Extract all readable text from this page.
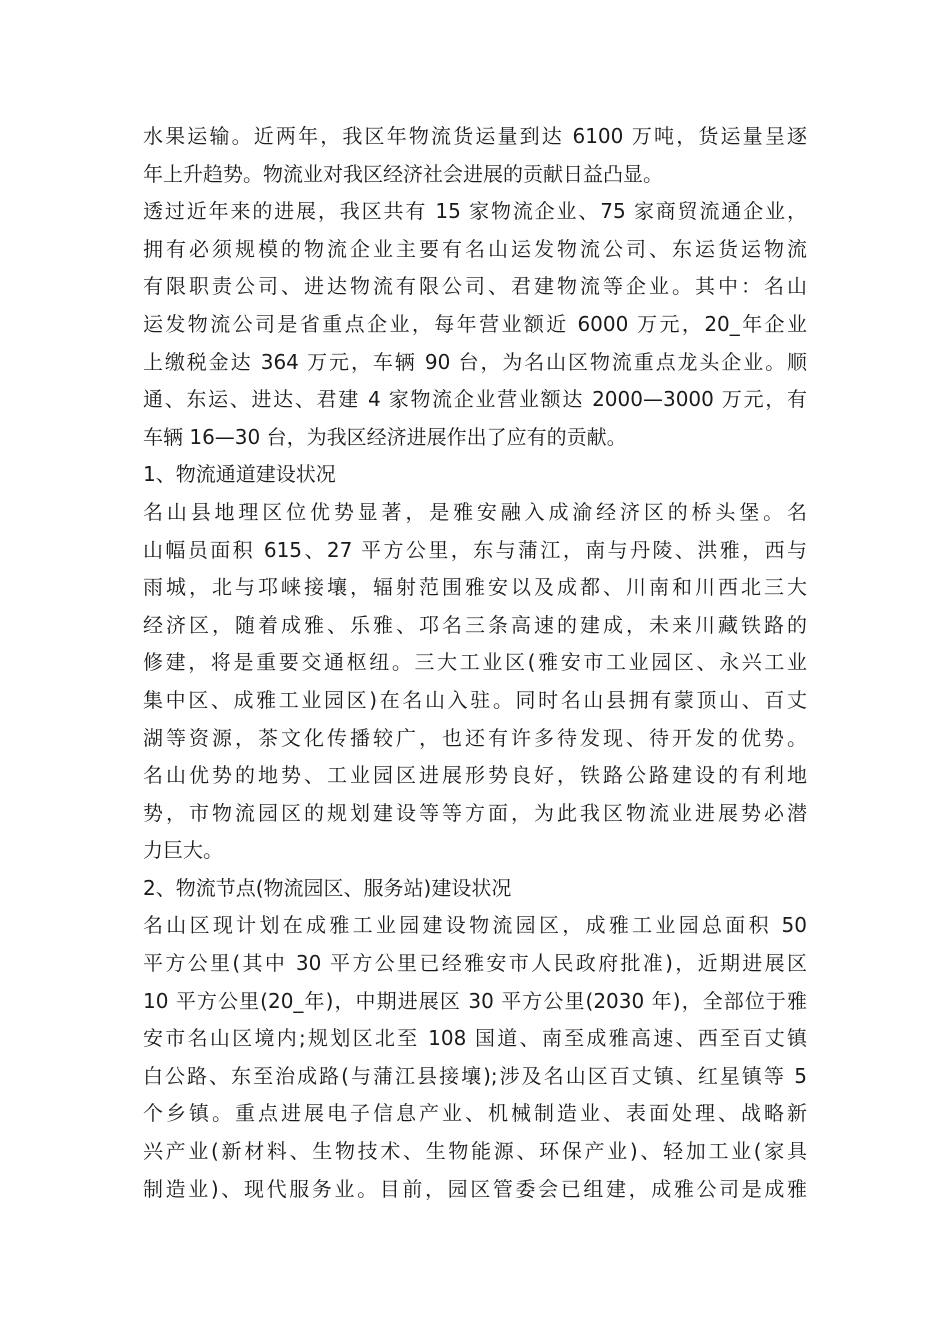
水果运输。近两年，我区年物流货运量到达 6100 万吨，货运量呈逐
年上升趋势。物流业对我区经济社会进展的贡献日益凸显。
透过近年来的进展，我区共有 15 家物流企业、75 家商贸流通企业，
拥有必须规模的物流企业主要有名山运发物流公司、东运货运物流
有限职责公司、进达物流有限公司、君建物流等企业。其中：名山
运发物流公司是省重点企业，每年营业额近 6000 万元，20_年企业
上缴税金达 364 万元，车辆 90 台，为名山区物流重点龙头企业。顺
通、东运、进达、君建 4 家物流企业营业额达 2000—3000 万元，有
车辆 16—30 台，为我区经济进展作出了应有的贡献。
1、物流通道建设状况
名山县地理区位优势显著，是雅安融入成渝经济区的桥头堡。名
山幅员面积 615、27 平方公里，东与蒲江，南与丹陵、洪雅，西与
雨城，北与邛崃接壤，辐射范围雅安以及成都、川南和川西北三大
经济区，随着成雅、乐雅、邛名三条高速的建成，未来川藏铁路的
修建，将是重要交通枢纽。三大工业区(雅安市工业园区、永兴工业
集中区、成雅工业园区)在名山入驻。同时名山县拥有蒙顶山、百丈
湖等资源，茶文化传播较广，也还有许多待发现、待开发的优势。
名山优势的地势、工业园区进展形势良好，铁路公路建设的有利地
势，市物流园区的规划建设等等方面，为此我区物流业进展势必潜
力巨大。
2、物流节点(物流园区、服务站)建设状况
名山区现计划在成雅工业园建设物流园区，成雅工业园总面积 50
平方公里(其中 30 平方公里已经雅安市人民政府批准)，近期进展区
10 平方公里(20_年)，中期进展区 30 平方公里(2030 年)，全部位于雅
安市名山区境内;规划区北至 108 国道、南至成雅高速、西至百丈镇
白公路、东至治成路(与蒲江县接壤);涉及名山区百丈镇、红星镇等 5
个乡镇。重点进展电子信息产业、机械制造业、表面处理、战略新
兴产业(新材料、生物技术、生物能源、环保产业)、轻加工业(家具
制造业)、现代服务业。目前，园区管委会已组建，成雅公司是成雅
